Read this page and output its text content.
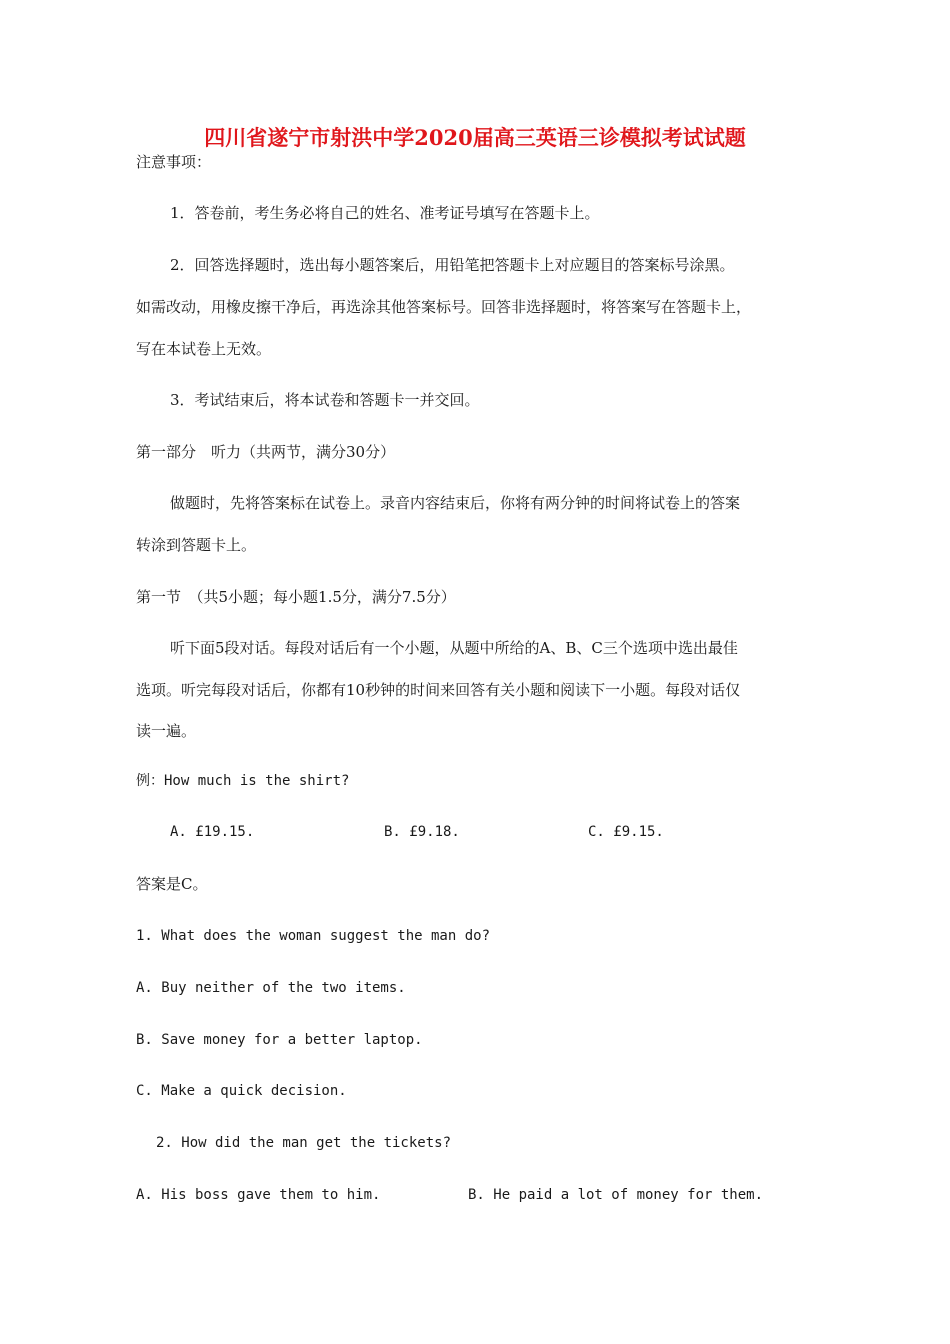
四川省遂宁市射洪中学2020届高三英语三诊模拟考试试题
注意事项：
1．答卷前，考生务必将自己的姓名、准考证号填写在答题卡上。
2．回答选择题时，选出每小题答案后，用铅笔把答题卡上对应题目的答案标号涂黑。
如需改动，用橡皮擦干净后，再选涂其他答案标号。回答非选择题时，将答案写在答题卡上，
写在本试卷上无效。
3．考试结束后，将本试卷和答题卡一并交回。
第一部分　听力（共两节，满分30分）
做题时，先将答案标在试卷上。录音内容结束后，你将有两分钟的时间将试卷上的答案
转涂到答题卡上。
第一节　（共5小题；每小题1.5分，满分7.5分）
听下面5段对话。每段对话后有一个小题，从题中所给的A、B、C三个选项中选出最佳
选项。听完每段对话后，你都有10秒钟的时间来回答有关小题和阅读下一小题。每段对话仅
读一遍。
例：How much is the shirt?
A. £19.15.	B. £9.18.	C. £9.15.
答案是C。
1. What does the woman suggest the man do?
A. Buy neither of the two items.
B. Save money for a better laptop.
C. Make a quick decision.
2. How did the man get the tickets?
A. His boss gave them to him.	B. He paid a lot of money for them.
